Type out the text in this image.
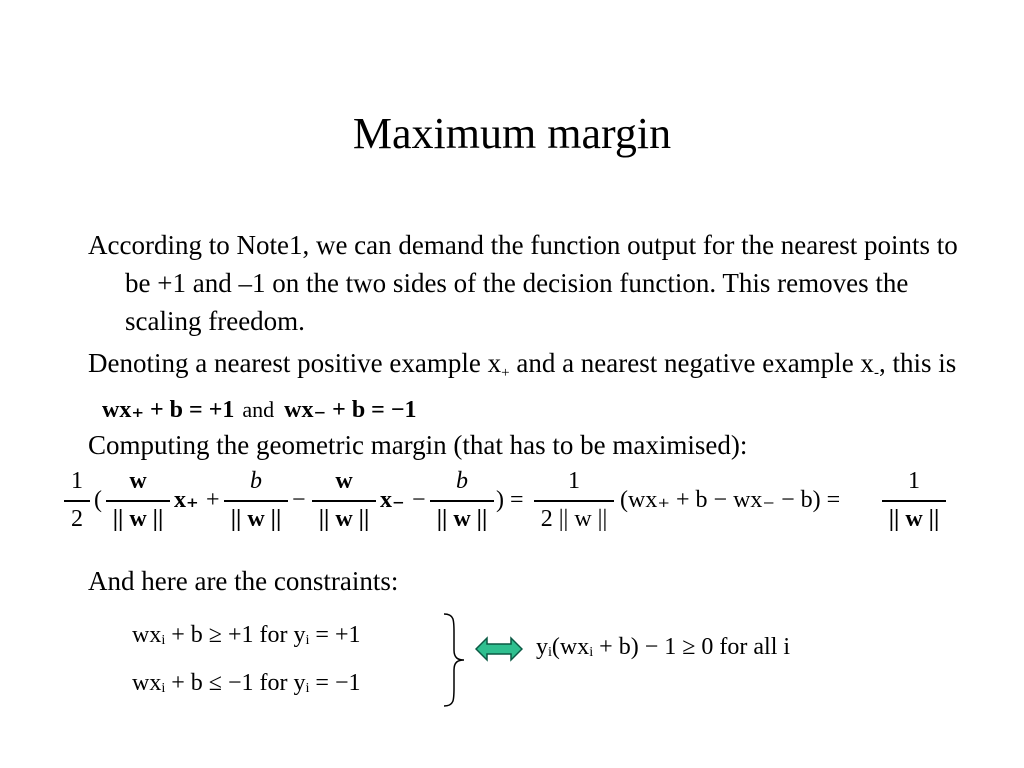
Maximum margin
According to Note1, we can demand the function output for the nearest points to be +1 and –1 on the two sides of the decision function. This removes the scaling freedom.
Denoting a nearest positive example x+ and a nearest negative example x-, this iswx₊ + b = +1 and wx₋ + b = −1
Computing the geometric margin (that has to be maximised):
1
2
(
w
|| w ||
x₊ +
b
|| w ||
−
w
|| w ||
x₋ −
b
|| w ||
) =
1
2 || w ||
(wx₊ + b − wx₋ − b) =
1
|| w ||
And here are the constraints:
wxᵢ + b ≥ +1 for yᵢ = +1
wxᵢ + b ≤ −1 for yᵢ = −1
yᵢ(wxᵢ + b) − 1 ≥ 0 for all i
